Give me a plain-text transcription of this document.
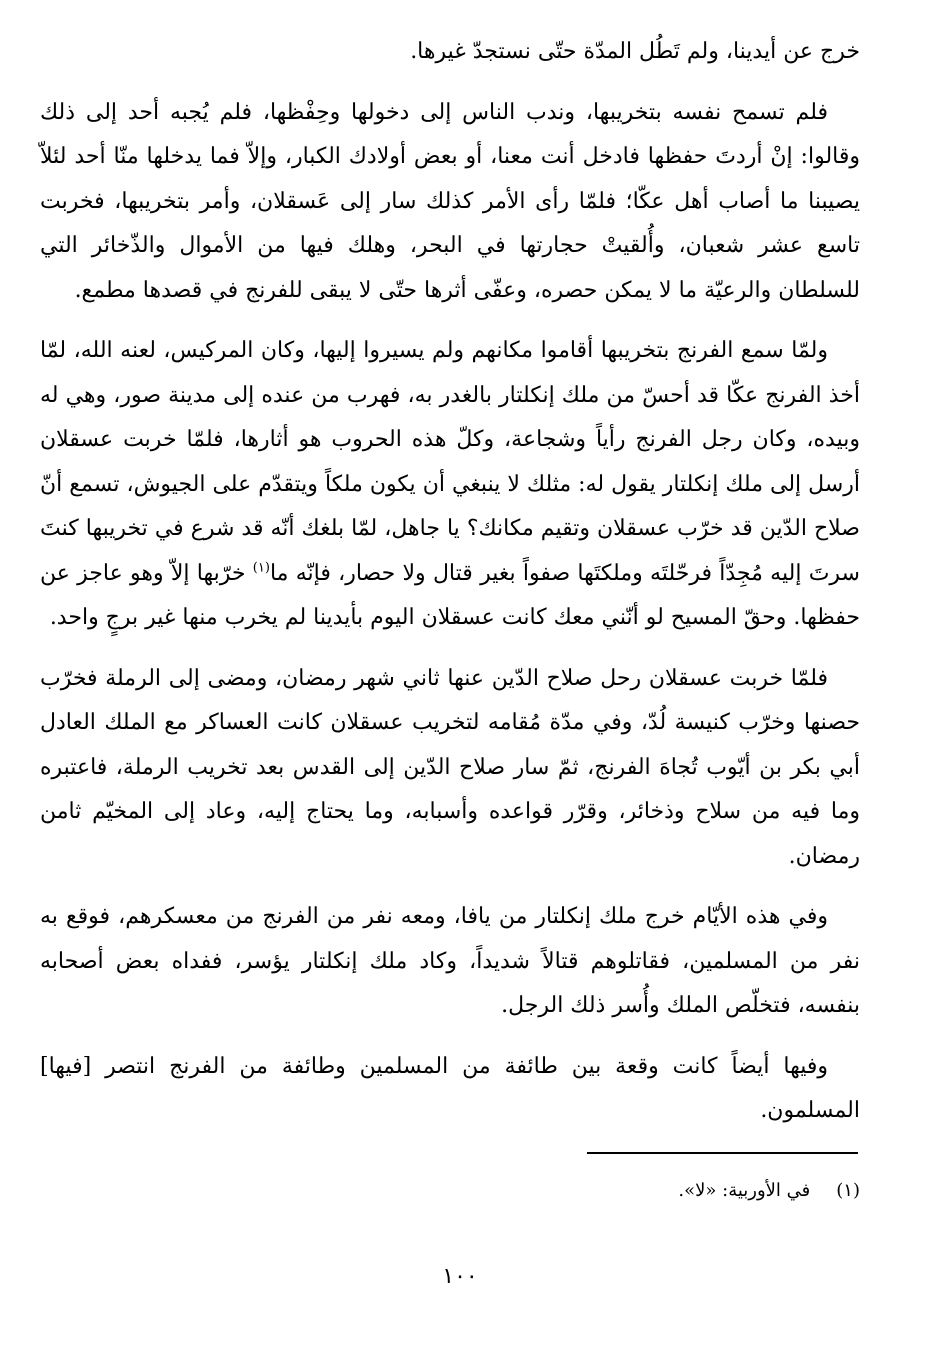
خرج عن أيدينا، ولم تَطُل المدّة حتّى نستجدّ غيرها.

فلم تسمح نفسه بتخريبها، وندب الناس إلى دخولها وحِفْظها، فلم يُجبه أحد إلى ذلك وقالوا: إنْ أردتَ حفظها فادخل أنت معنا، أو بعض أولادك الكبار، وإلاّ فما يدخلها منّا أحد لئلاّ يصيبنا ما أصاب أهل عكّا؛ فلمّا رأى الأمر كذلك سار إلى عَسقلان، وأمر بتخريبها، فخربت تاسع عشر شعبان، وأُلقيتْ حجارتها في البحر، وهلك فيها من الأموال والذّخائر التي للسلطان والرعيّة ما لا يمكن حصره، وعفّى أثرها حتّى لا يبقى للفرنج في قصدها مطمع.

ولمّا سمع الفرنج بتخريبها أقاموا مكانهم ولم يسيروا إليها، وكان المركيس، لعنه الله، لمّا أخذ الفرنج عكّا قد أحسّ من ملك إنكلتار بالغدر به، فهرب من عنده إلى مدينة صور، وهي له وبيده، وكان رجل الفرنج رأياً وشجاعة، وكلّ هذه الحروب هو أثارها، فلمّا خربت عسقلان أرسل إلى ملك إنكلتار يقول له: مثلك لا ينبغي أن يكون ملكاً ويتقدّم على الجيوش، تسمع أنّ صلاح الدّين قد خرّب عسقلان وتقيم مكانك؟ يا جاهل، لمّا بلغك أنّه قد شرع في تخريبها كنتَ سرتَ إليه مُجِدّاً فرحّلتَه وملكتَها صفواً بغير قتال ولا حصار، فإنّه ما$^{(١)}$ خرّبها إلاّ وهو عاجز عن حفظها. وحقّ المسيح لو أنّني معك كانت عسقلان اليوم بأيدينا لم يخرب منها غير برجٍ واحد.

فلمّا خربت عسقلان رحل صلاح الدّين عنها ثاني شهر رمضان، ومضى إلى الرملة فخرّب حصنها وخرّب كنيسة لُدّ، وفي مدّة مُقامه لتخريب عسقلان كانت العساكر مع الملك العادل أبي بكر بن أيّوب تُجاهَ الفرنج، ثمّ سار صلاح الدّين إلى القدس بعد تخريب الرملة، فاعتبره وما فيه من سلاح وذخائر، وقرّر قواعده وأسبابه، وما يحتاج إليه، وعاد إلى المخيّم ثامن رمضان.

وفي هذه الأيّام خرج ملك إنكلتار من يافا، ومعه نفر من الفرنج من معسكرهم، فوقع به نفر من المسلمين، فقاتلوهم قتالاً شديداً، وكاد ملك إنكلتار يؤسر، ففداه بعض أصحابه بنفسه، فتخلّص الملك وأُسر ذلك الرجل.

وفيها أيضاً كانت وقعة بين طائفة من المسلمين وطائفة من الفرنج انتصر [فيها] المسلمون.

(١)في الأوربية: «لا».
١٠٠
